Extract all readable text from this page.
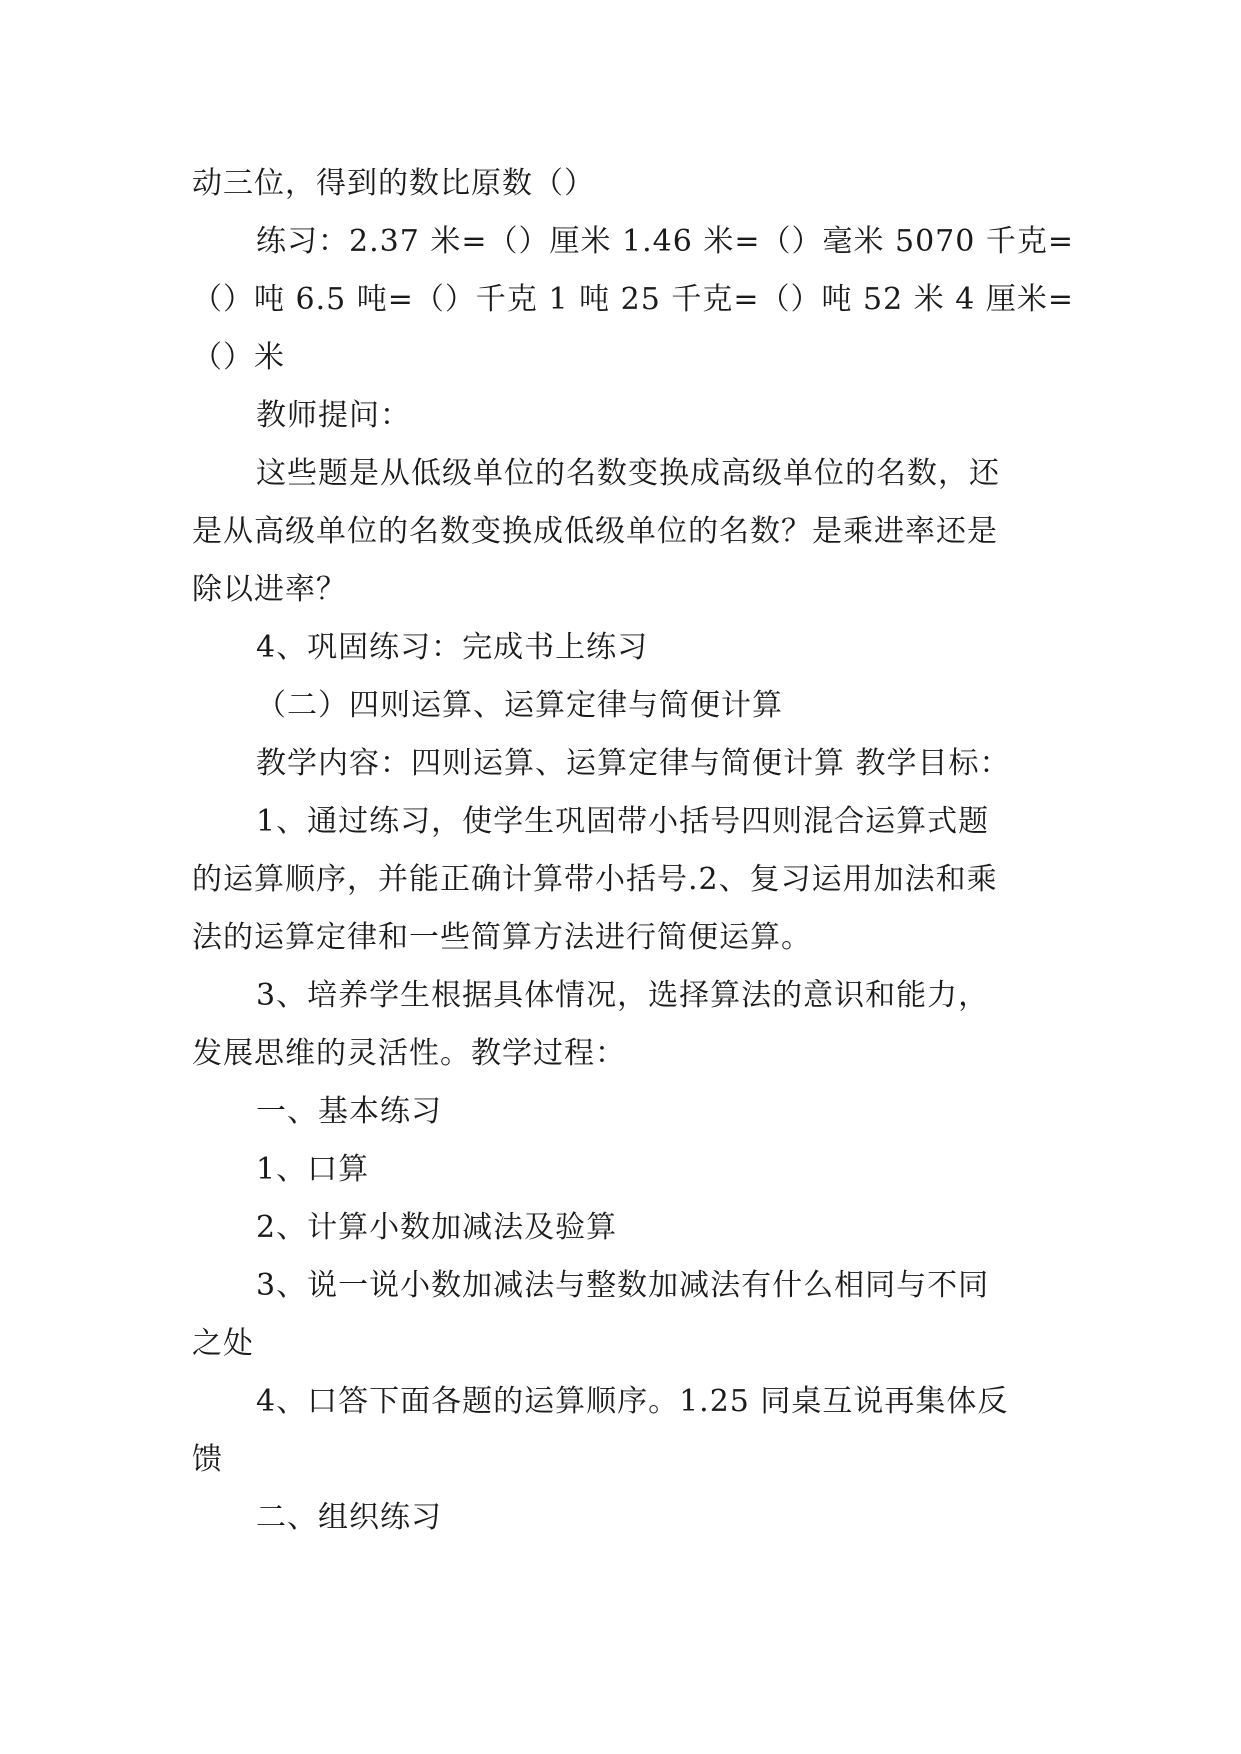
动三位，得到的数比原数（）
练习：2.37 米=（）厘米 1.46 米=（）毫米 5070 千克=
（）吨 6.5 吨=（）千克 1 吨 25 千克=（）吨 52 米 4 厘米=
（）米
教师提问：
这些题是从低级单位的名数变换成高级单位的名数，还
是从高级单位的名数变换成低级单位的名数？是乘进率还是
除以进率？
4、巩固练习：完成书上练习
（二）四则运算、运算定律与简便计算
教学内容：四则运算、运算定律与简便计算 教学目标：
1、通过练习，使学生巩固带小括号四则混合运算式题
的运算顺序，并能正确计算带小括号.2、复习运用加法和乘
法的运算定律和一些简算方法进行简便运算。
3、培养学生根据具体情况，选择算法的意识和能力，
发展思维的灵活性。教学过程：
一、基本练习
1、口算
2、计算小数加减法及验算
3、说一说小数加减法与整数加减法有什么相同与不同
之处
4、口答下面各题的运算顺序。1.25 同桌互说再集体反
馈
二、组织练习
